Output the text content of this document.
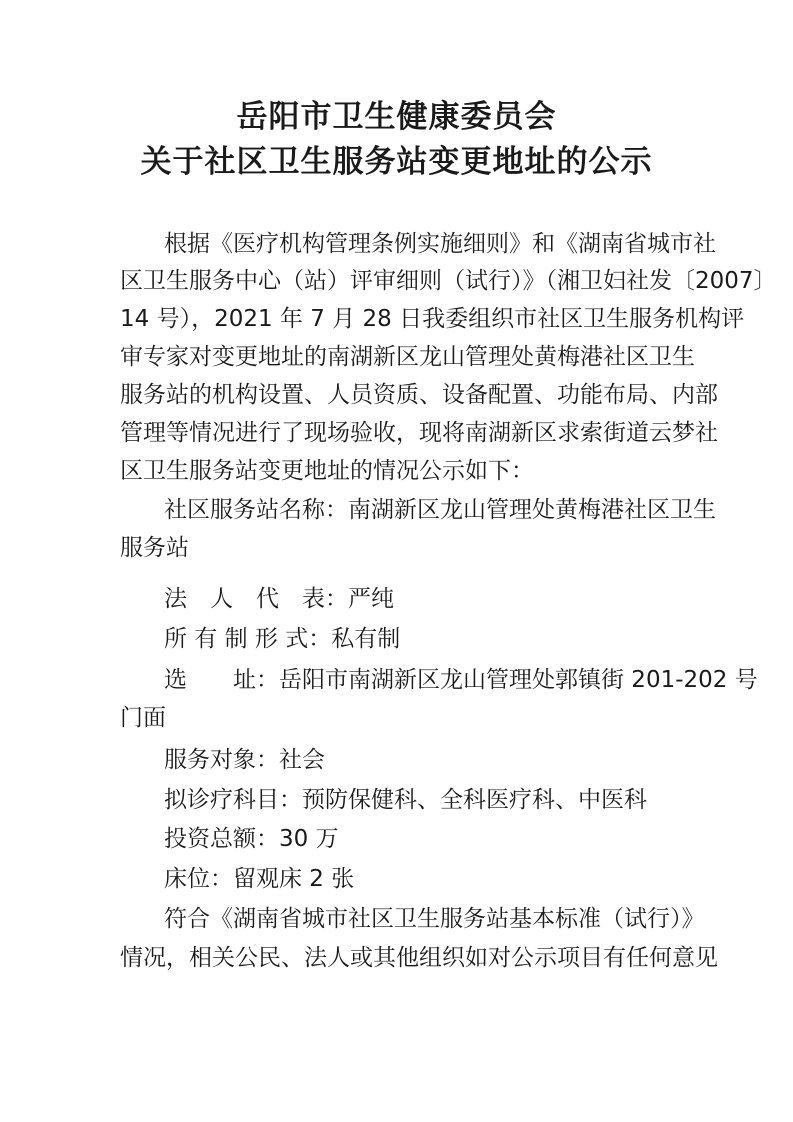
岳阳市卫生健康委员会
关于社区卫生服务站变更地址的公示
根据《医疗机构管理条例实施细则》和《湖南省城市社
区卫生服务中心（站）评审细则（试行）》（湘卫妇社发〔2007〕
14 号），2021 年 7 月 28 日我委组织市社区卫生服务机构评
审专家对变更地址的南湖新区龙山管理处黄梅港社区卫生
服务站的机构设置、人员资质、设备配置、功能布局、内部
管理等情况进行了现场验收，现将南湖新区求索街道云梦社
区卫生服务站变更地址的情况公示如下：
社区服务站名称：南湖新区龙山管理处黄梅港社区卫生
服务站
法　人　代　表：严纯
所 有 制 形 式：私有制
选　　址：岳阳市南湖新区龙山管理处郭镇街 201-202 号
门面
服务对象：社会
拟诊疗科目：预防保健科、全科医疗科、中医科
投资总额：30 万
床位：留观床 2 张
符合《湖南省城市社区卫生服务站基本标准（试行）》
情况，相关公民、法人或其他组织如对公示项目有任何意见
